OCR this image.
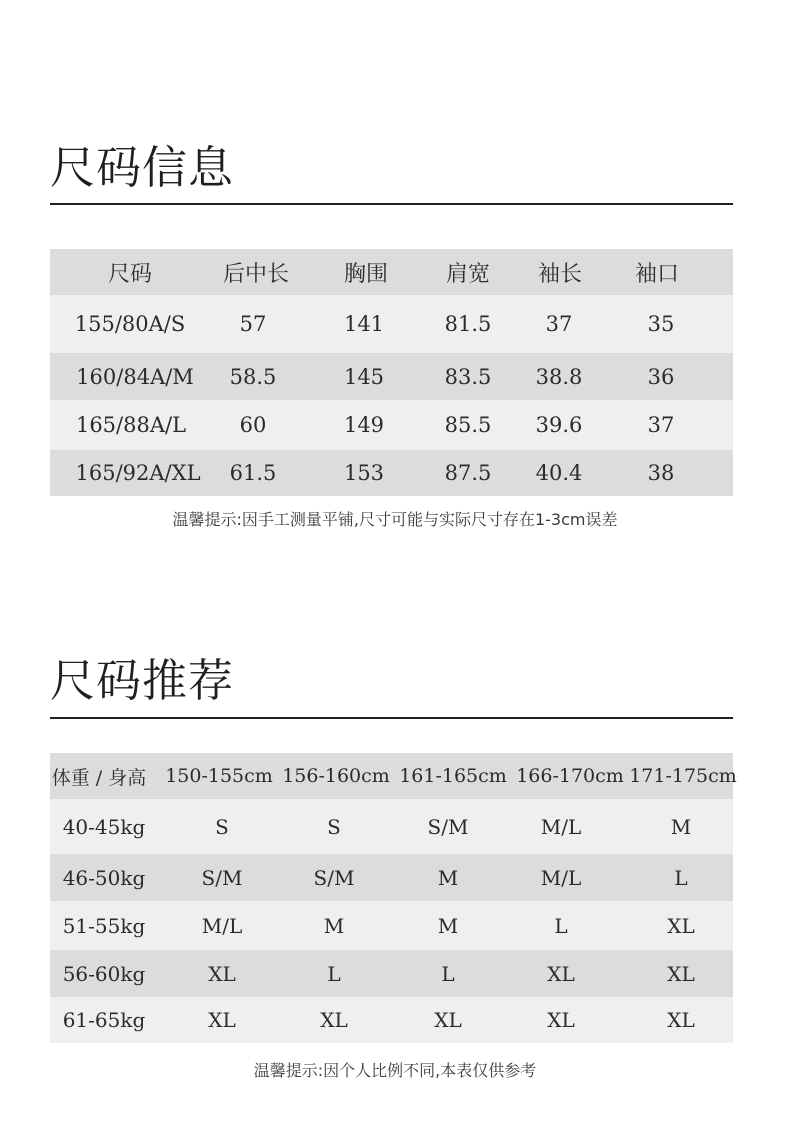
尺码信息
尺码	后中长 胸围	肩宽 袖长 袖口
155/80A/S	57	141	81.5	37	35
160/84A/M 58.5	145	83.5 38.8	36
165/88A/L	60	149	85.5 39.6	37
165/92A/XL 61.5	153	87.5 40.4	38
温馨提示:因手工测量平铺,尺寸可能与实际尺寸存在1-3cm误差
尺码推荐
体重 / 身高 150-155cm 156-160cm 161-165cm 166-170cm 171-175cm
40-45kg	S	S	S/M	M/L	M
46-50kg	S/M	S/M	M	M/L	L
51-55kg	M/L	M	M	L	XL
56-60kg	XL	L	L	XL	XL
61-65kg	XL	XL	XL	XL	XL
温馨提示:因个人比例不同,本表仅供参考
